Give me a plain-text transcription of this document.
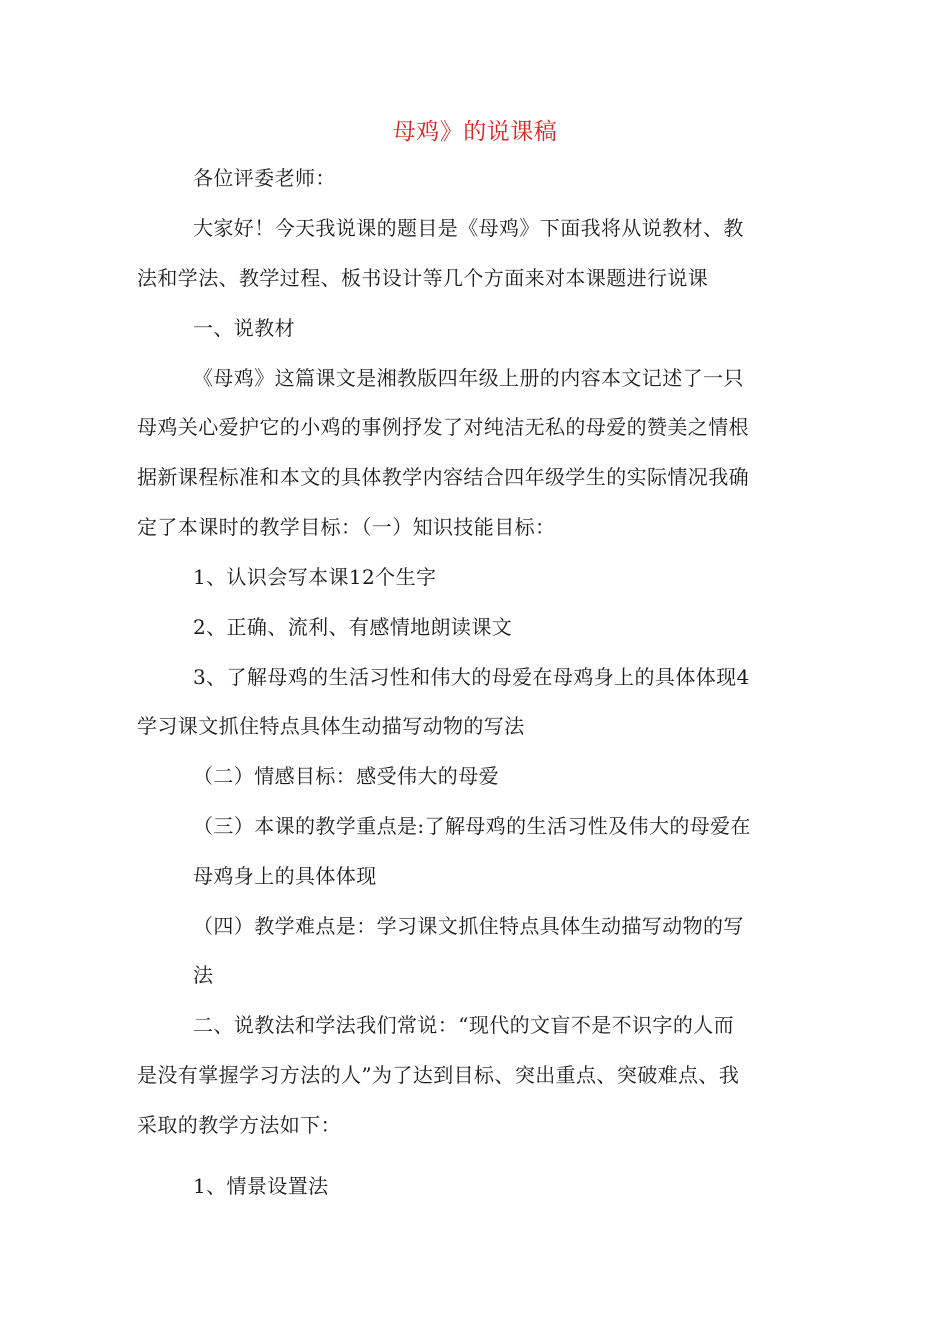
母鸡》的说课稿
各位评委老师：
大家好！今天我说课的题目是《母鸡》下面我将从说教材、教
法和学法、教学过程、板书设计等几个方面来对本课题进行说课
一、说教材
《母鸡》这篇课文是湘教版四年级上册的内容本文记述了一只
母鸡关心爱护它的小鸡的事例抒发了对纯洁无私的母爱的赞美之情根
据新课程标准和本文的具体教学内容结合四年级学生的实际情况我确
定了本课时的教学目标：（一）知识技能目标：
1、认识会写本课12个生字
2、正确、流利、有感情地朗读课文
3、了解母鸡的生活习性和伟大的母爱在母鸡身上的具体体现4
学习课文抓住特点具体生动描写动物的写法
（二）情感目标：感受伟大的母爱
（三）本课的教学重点是:了解母鸡的生活习性及伟大的母爱在
母鸡身上的具体体现
（四）教学难点是：学习课文抓住特点具体生动描写动物的写
法
二、说教法和学法我们常说：“现代的文盲不是不识字的人而
是没有掌握学习方法的人”为了达到目标、突出重点、突破难点、我
采取的教学方法如下：
1、情景设置法
